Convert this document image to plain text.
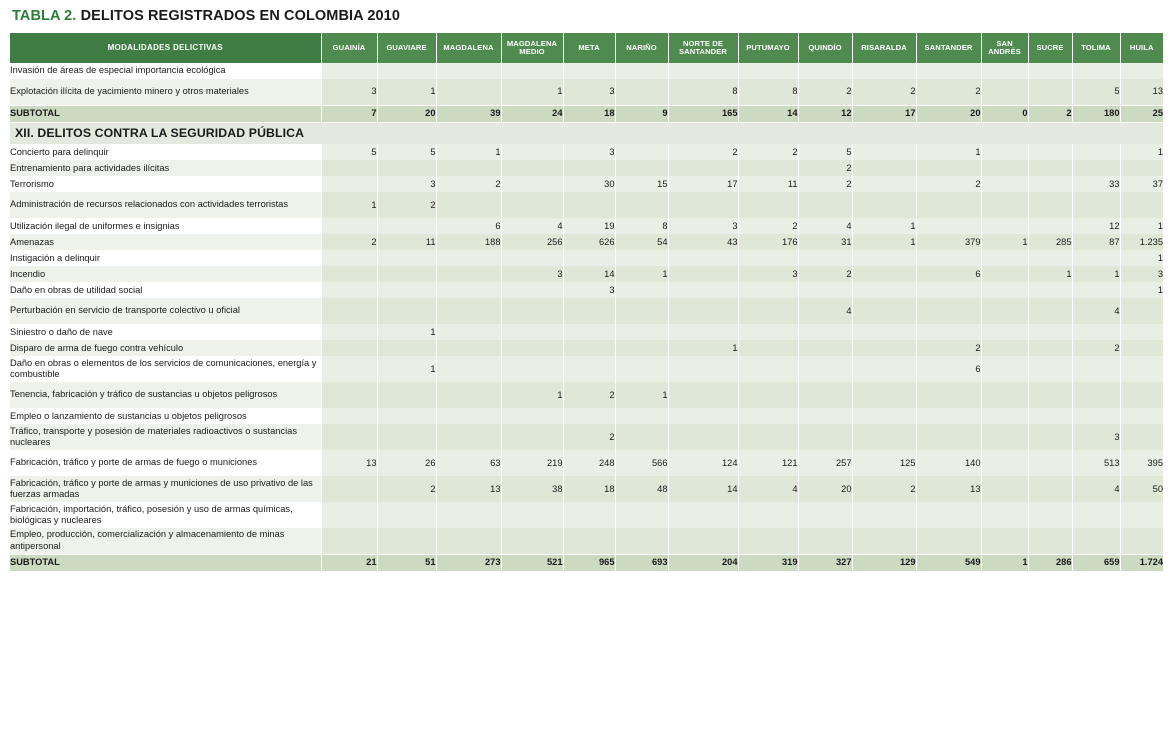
TABLA 2. DELITOS REGISTRADOS EN COLOMBIA 2010
MODALIDADES DELICTIVAS	GUAINÍA	GUAVIARE	MAGDALENA	MAGDALENA MEDIO	META	NARIÑO	NORTE DE SANTANDER	PUTUMAYO	QUINDÍO	RISARALDA	SANTANDER	SAN ANDRÉS	SUCRE	TOLIMA	HUILA
Invasión de áreas de especial importancia ecológica															
Explotación ilícita de yacimiento minero y otros materiales	3	1		1	3		8	8	2	2	2			5	13
SUBTOTAL	7	20	39	24	18	9	165	14	12	17	20	0	2	180	25
XII. DELITOS CONTRA LA SEGURIDAD PÚBLICA															
Concierto para delinquir	5	5	1		3		2	2	5		1				1
Entrenamiento para actividades ilícitas									2						
Terrorismo		3	2		30	15	17	11	2		2			33	37
Administración de recursos relacionados con actividades terroristas	1	2													
Utilización ilegal de uniformes e insignias			6	4	19	8	3	2	4	1				12	1
Amenazas	2	11	188	256	626	54	43	176	31	1	379	1	285	87	1.235
Instigación a delinquir															1
Incendio				3	14	1		3	2		6		1	1	3
Daño en obras de utilidad social					3										1
Perturbación en servicio de transporte colectivo u oficial									4					4	
Siniestro o daño de nave		1													
Disparo de arma de fuego contra vehículo							1				2			2	
Daño en obras o elementos de los servicios de comunicaciones, energía y combustible		1									6				
Tenencia, fabricación y tráfico de sustancias u objetos peligrosos				1	2	1									
Empleo o lanzamiento de sustancias u objetos peligrosos															
Tráfico, transporte y posesión de materiales radioactivos o sustancias nucleares					2									3	
Fabricación, tráfico y porte de armas de fuego o municiones	13	26	63	219	248	566	124	121	257	125	140			513	395
Fabricación, tráfico y porte de armas y municiones de uso privativo de las fuerzas armadas		2	13	38	18	48	14	4	20	2	13			4	50
Fabricación, importación, tráfico, posesión y uso de armas químicas, biológicas y nucleares															
Empleo, producción, comercialización y almacenamiento de minas antipersonal															
SUBTOTAL	21	51	273	521	965	693	204	319	327	129	549	1	286	659	1.724
